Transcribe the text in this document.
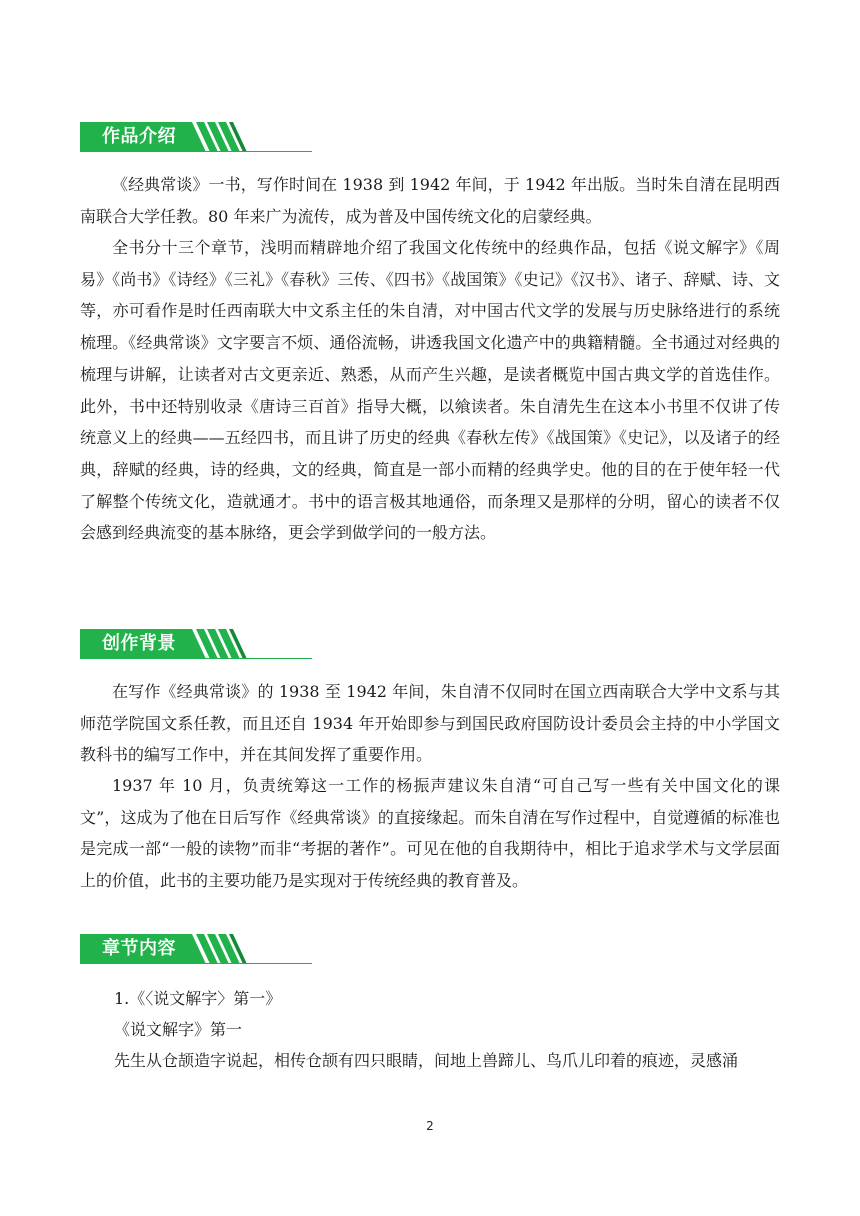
作品介绍

《经典常谈》一书，写作时间在 1938 到 1942 年间，于 1942 年出版。当时朱自清在昆明西南联合大学任教。80 年来广为流传，成为普及中国传统文化的启蒙经典。

全书分十三个章节，浅明而精辟地介绍了我国文化传统中的经典作品，包括《说文解字》《周易》《尚书》《诗经》《三礼》《春秋》三传、《四书》《战国策》《史记》《汉书》、诸子、辞赋、诗、文等，亦可看作是时任西南联大中文系主任的朱自清，对中国古代文学的发展与历史脉络进行的系统梳理。《经典常谈》文字要言不烦、通俗流畅，讲透我国文化遗产中的典籍精髓。全书通过对经典的梳理与讲解，让读者对古文更亲近、熟悉，从而产生兴趣，是读者概览中国古典文学的首选佳作。此外，书中还特别收录《唐诗三百首》指导大概，以飨读者。朱自清先生在这本小书里不仅讲了传统意义上的经典——五经四书，而且讲了历史的经典《春秋左传》《战国策》《史记》，以及诸子的经典，辞赋的经典，诗的经典，文的经典，简直是一部小而精的经典学史。他的目的在于使年轻一代了解整个传统文化，造就通才。书中的语言极其地通俗，而条理又是那样的分明，留心的读者不仅会感到经典流变的基本脉络，更会学到做学问的一般方法。

创作背景

在写作《经典常谈》的 1938 至 1942 年间，朱自清不仅同时在国立西南联合大学中文系与其师范学院国文系任教，而且还自 1934 年开始即参与到国民政府国防设计委员会主持的中小学国文教科书的编写工作中，并在其间发挥了重要作用。

1937 年 10 月，负责统筹这一工作的杨振声建议朱自清“可自己写一些有关中国文化的课文”，这成为了他在日后写作《经典常谈》的直接缘起。而朱自清在写作过程中，自觉遵循的标准也是完成一部“一般的读物”而非“考据的著作”。可见在他的自我期待中，相比于追求学术与文学层面上的价值，此书的主要功能乃是实现对于传统经典的教育普及。

章节内容
1.《〈说文解字〉第一》
《说文解字》第一
先生从仓颉造字说起，相传仓颉有四只眼睛，间地上兽蹄儿、鸟爪儿印着的痕迹，灵感涌
2
